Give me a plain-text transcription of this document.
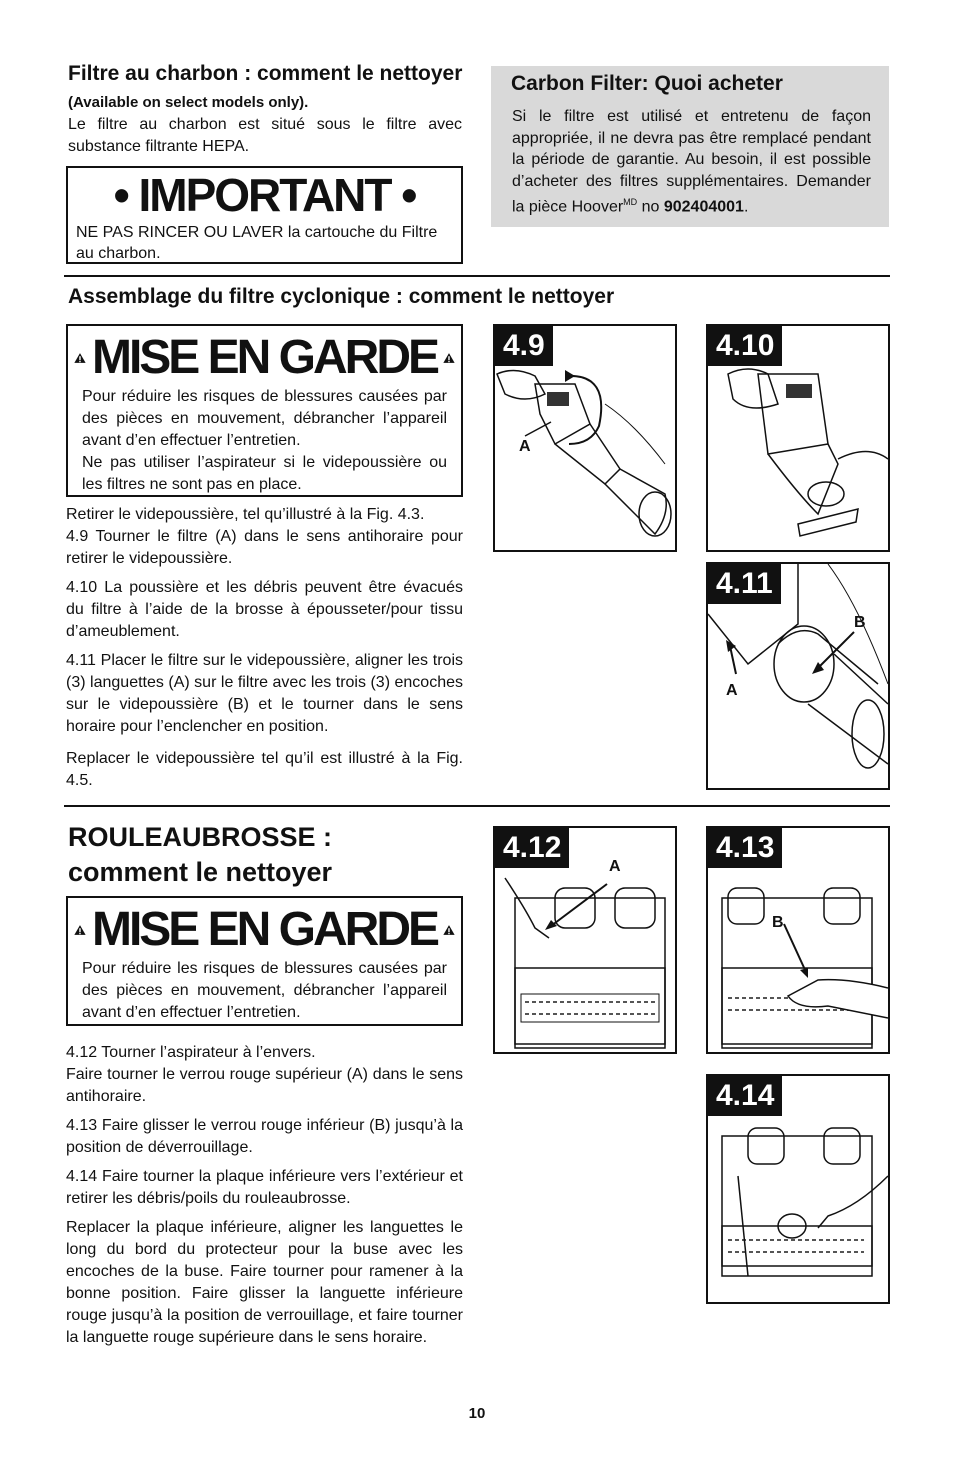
Filtre au charbon : comment le nettoyer
(Available on select models only).

Le filtre au charbon est situé sous le filtre avec substance filtrante HEPA.

• IMPORTANT •

NE PAS RINCER OU LAVER la cartouche du Filtre au charbon.

Carbon Filter: Quoi acheter

Si le filtre est utilisé et entretenu de façon appropriée, il ne devra pas être remplacé pendant la période de garantie. Au besoin, il est possible d’acheter des filtres supplémentaires. Demander la pièce Hoover$^{MD}$ no 902404001.

Assemblage du filtre cyclonique : comment le nettoyer
MISE EN GARDE

Pour réduire les risques de blessures causées par des pièces en mouvement, débrancher l’appareil avant d’en effectuer l’entretien.

Ne pas utiliser l’aspirateur si le videpoussière ou les filtres ne sont pas en place.

Retirer le videpoussière, tel qu’illustré à la Fig. 4.3.

4.9 Tourner le filtre (A) dans le sens antihoraire pour retirer le videpoussière.

4.10 La poussière et les débris peuvent être évacués du filtre à l’aide de la brosse à épousseter/pour tissu d’ameublement.

4.11 Placer le filtre sur le videpoussière, aligner les trois (3) languettes (A) sur le filtre avec les trois (3) encoches sur le videpoussière (B) et le tourner dans le sens horaire pour l’enclencher en position.

Replacer le videpoussière tel qu’il est illustré à la Fig. 4.5.

4.9
A
4.10
4.11
B
A
ROULEAUBROSSE : comment le nettoyer
MISE EN GARDE

Pour réduire les risques de blessures causées par des pièces en mouvement, débrancher l’appareil avant d’en effectuer l’entretien.

4.12 Tourner l’aspirateur à l’envers.

Faire tourner le verrou rouge supérieur (A) dans le sens antihoraire.

4.13 Faire glisser le verrou rouge inférieur (B) jusqu’à la position de déverrouillage.

4.14 Faire tourner la plaque inférieure vers l’extérieur et retirer les débris/poils du rouleaubrosse.

Replacer la plaque inférieure, aligner les languettes le long du bord du protecteur pour la buse avec les encoches de la buse. Faire tourner pour ramener à la bonne position. Faire glisser la languette inférieure rouge jusqu’à la position de verrouillage, et faire tourner la languette rouge supérieure dans le sens horaire.

4.12
A
4.13
B
4.14
10
